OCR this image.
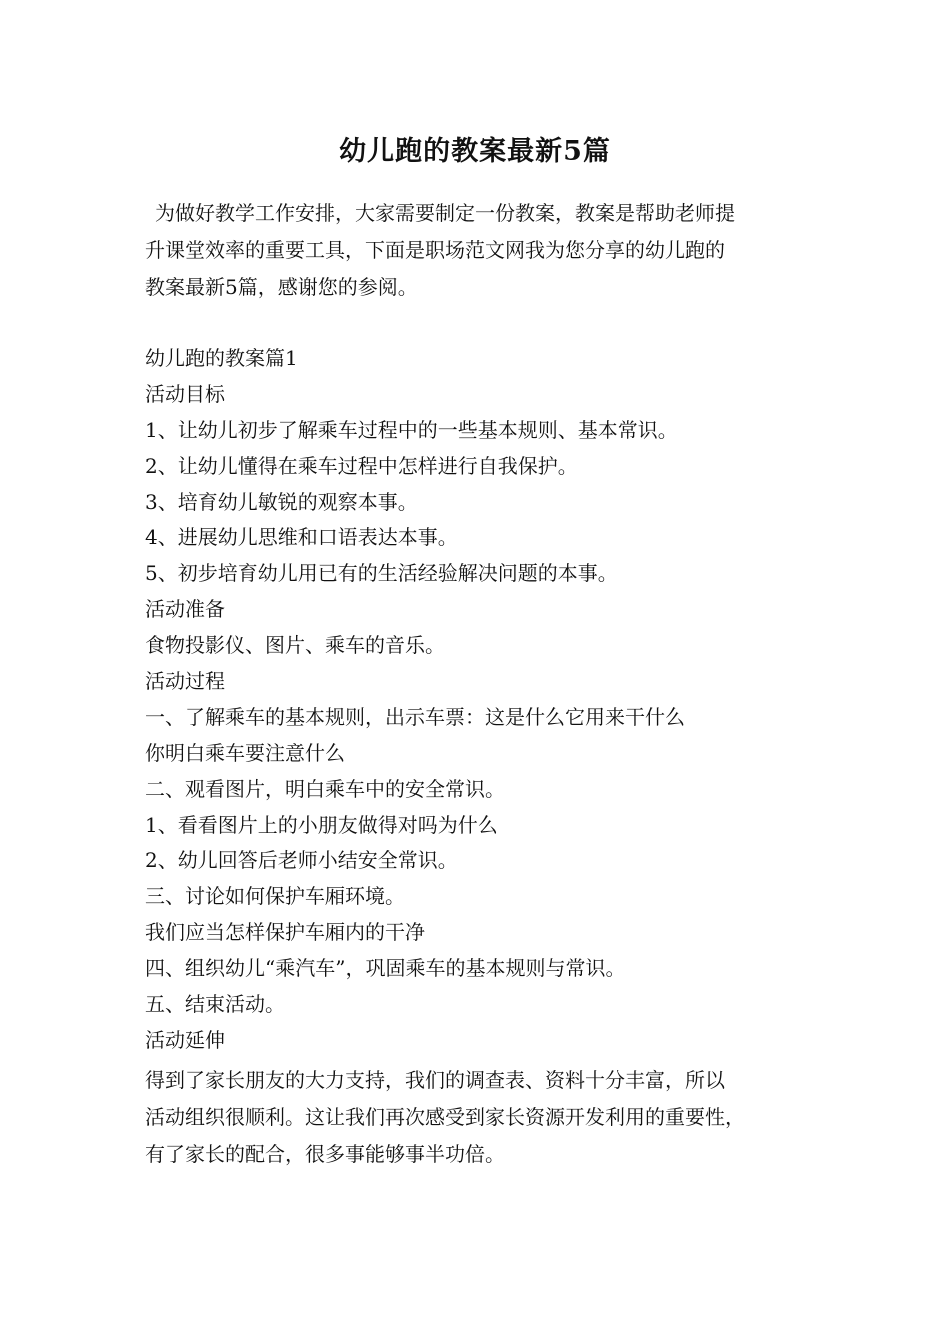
幼儿跑的教案最新5篇
为做好教学工作安排，大家需要制定一份教案，教案是帮助老师提
升课堂效率的重要工具，下面是职场范文网我为您分享的幼儿跑的
教案最新5篇，感谢您的参阅。
幼儿跑的教案篇1
活动目标
1、让幼儿初步了解乘车过程中的一些基本规则、基本常识。
2、让幼儿懂得在乘车过程中怎样进行自我保护。
3、培育幼儿敏锐的观察本事。
4、进展幼儿思维和口语表达本事。
5、初步培育幼儿用已有的生活经验解决问题的本事。
活动准备
食物投影仪、图片、乘车的音乐。
活动过程
一、了解乘车的基本规则，出示车票：这是什么它用来干什么
你明白乘车要注意什么
二、观看图片，明白乘车中的安全常识。
1、看看图片上的小朋友做得对吗为什么
2、幼儿回答后老师小结安全常识。
三、讨论如何保护车厢环境。
我们应当怎样保护车厢内的干净
四、组织幼儿“乘汽车”，巩固乘车的基本规则与常识。
五、结束活动。
活动延伸
得到了家长朋友的大力支持，我们的调查表、资料十分丰富，所以
活动组织很顺利。这让我们再次感受到家长资源开发利用的重要性，
有了家长的配合，很多事能够事半功倍。
